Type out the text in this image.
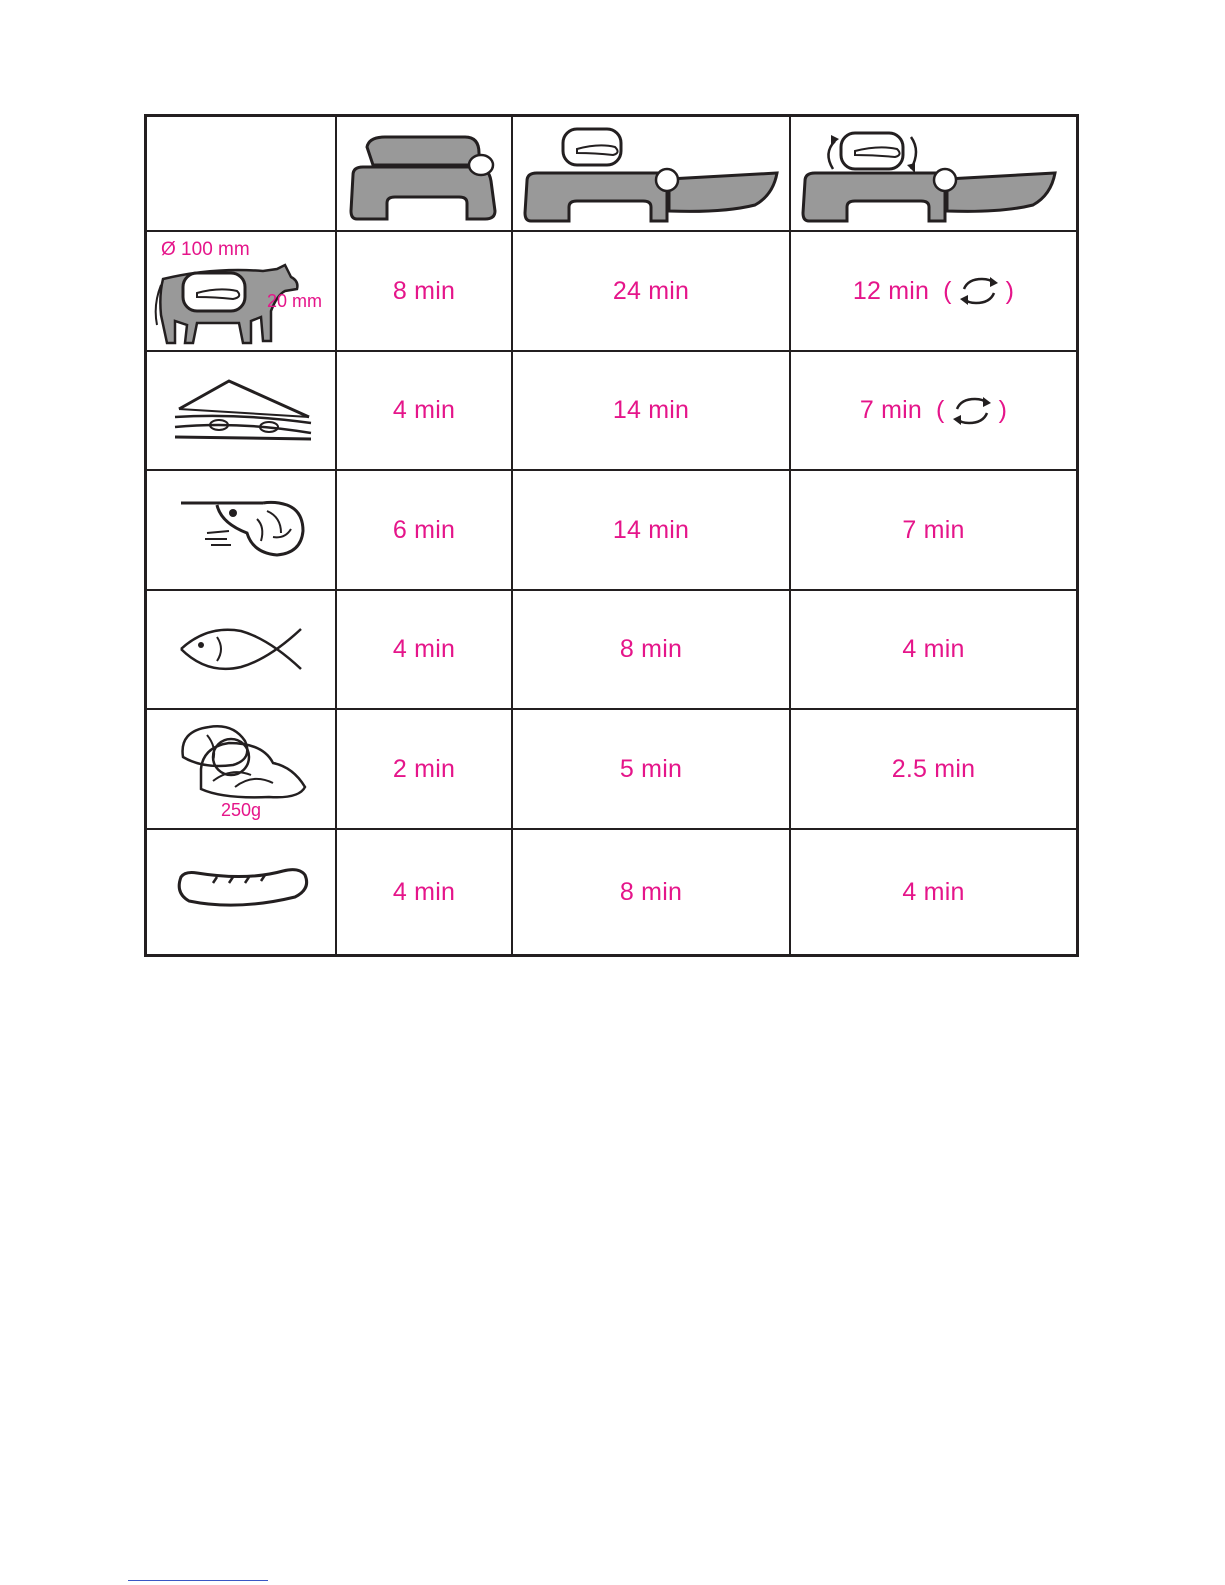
Ø 100 mm
20 mm	8 min	24 min	12 min ( )
4 min	14 min	7 min ( )
6 min	14 min	7 min
4 min	8 min	4 min
250g
2 min	5 min	2.5 min
4 min	8 min	4 min
